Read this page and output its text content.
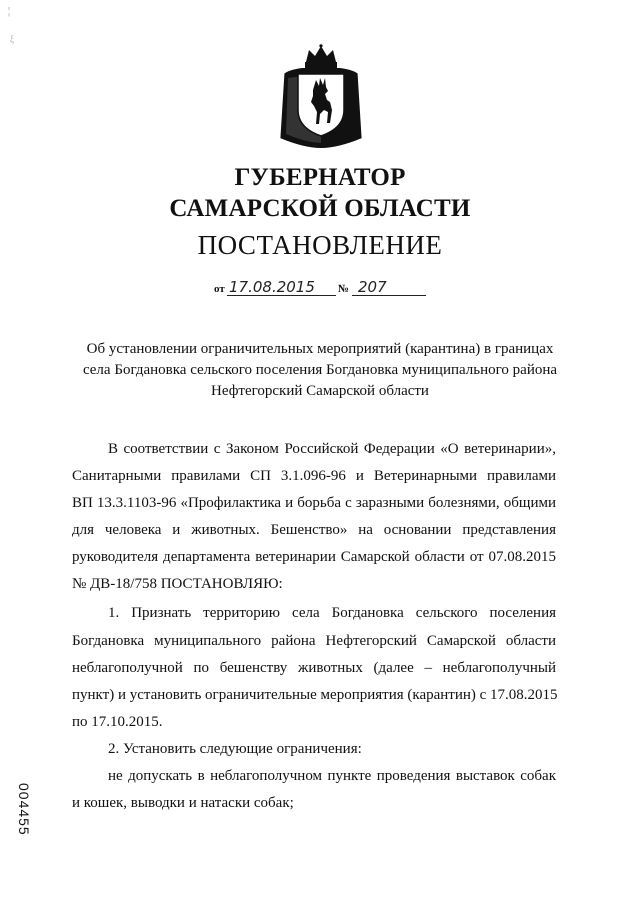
¦
ξ
ГУБЕРНАТОР
САМАРСКОЙ ОБЛАСТИ
ПОСТАНОВЛЕНИЕ
от 17.08.2015 № 207
Об установлении ограничительных мероприятий (карантина) в границах
села Богдановка сельского поселения Богдановка муниципального района
Нефтегорский Самарской области
В соответствии с Законом Российской Федерации «О ветеринарии»,
Санитарными правилами СП 3.1.096-96 и Ветеринарными правилами
ВП 13.3.1103-96 «Профилактика и борьба с заразными болезнями, общими
для человека и животных. Бешенство» на основании представления
руководителя департамента ветеринарии Самарской области от 07.08.2015
№ ДВ-18/758 ПОСТАНОВЛЯЮ:
1. Признать территорию села Богдановка сельского поселения
Богдановка муниципального района Нефтегорский Самарской области
неблагополучной по бешенству животных (далее – неблагополучный
пункт) и установить ограничительные мероприятия (карантин) с 17.08.2015
по 17.10.2015.
2. Установить следующие ограничения:
не допускать в неблагополучном пункте проведения выставок собак
и кошек, выводки и натаски собак;
004455
